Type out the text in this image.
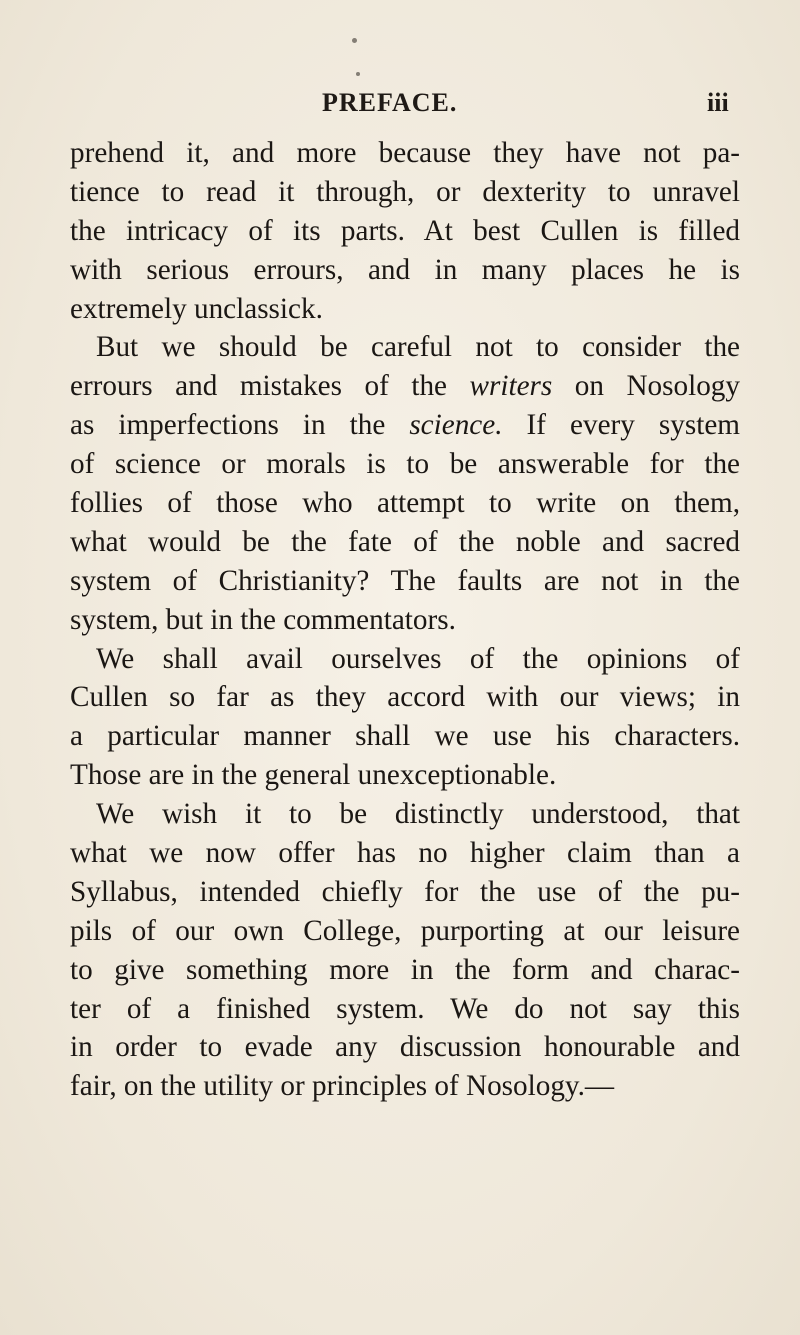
PREFACE.	iii
prehend it, and more because they have not pa-
tience to read it through, or dexterity to unravel
the intricacy of its parts. At best Cullen is filled
with serious errours, and in many places he is
extremely unclassick.
But we should be careful not to consider the
errours and mistakes of the writers on Nosology
as imperfections in the science. If every system
of science or morals is to be answerable for the
follies of those who attempt to write on them,
what would be the fate of the noble and sacred
system of Christianity? The faults are not in the
system, but in the commentators.
We shall avail ourselves of the opinions of
Cullen so far as they accord with our views; in
a particular manner shall we use his characters.
Those are in the general unexceptionable.
We wish it to be distinctly understood, that
what we now offer has no higher claim than a
Syllabus, intended chiefly for the use of the pu-
pils of our own College, purporting at our leisure
to give something more in the form and charac-
ter of a finished system. We do not say this
in order to evade any discussion honourable and
fair, on the utility or principles of Nosology.—
